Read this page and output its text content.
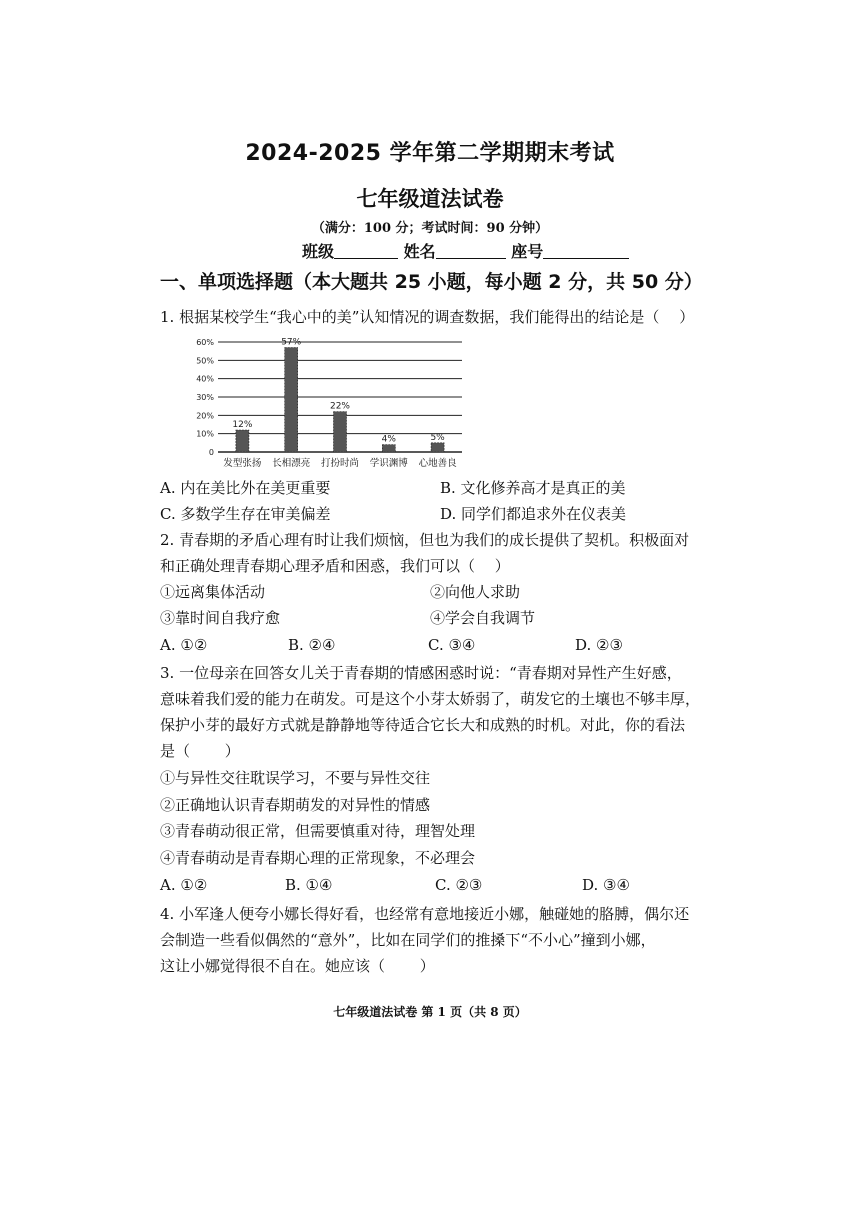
2024-2025 学年第二学期期末考试
七年级道法试卷
（满分：100 分；考试时间：90 分钟）
班级	姓名	座号
一、单项选择题（本大题共 25 小题，每小题 2 分，共 50 分）
1. 根据某校学生“我心中的美”认知情况的调查数据，我们能得出的结论是（　 ）
0
10%
20%
30%
40%
50%
60%
12%
发型张扬
57%
长相漂亮
22%
打扮时尚
4%
学识渊博
5%
心地善良
A. 内在美比外在美更重要	B. 文化修养高才是真正的美
C. 多数学生存在审美偏差	D. 同学们都追求外在仪表美
2. 青春期的矛盾心理有时让我们烦恼，但也为我们的成长提供了契机。积极面对
和正确处理青春期心理矛盾和困惑，我们可以（　 ）
①远离集体活动	②向他人求助
③靠时间自我疗愈	④学会自我调节
A. ①②	B. ②④	C. ③④	D. ②③
3. 一位母亲在回答女儿关于青春期的情感困惑时说：“青春期对异性产生好感，
意味着我们爱的能力在萌发。可是这个小芽太娇弱了，萌发它的土壤也不够丰厚，
保护小芽的最好方式就是静静地等待适合它长大和成熟的时机。对此，你的看法
是（　　 ）
①与异性交往耽误学习，不要与异性交往
②正确地认识青春期萌发的对异性的情感
③青春萌动很正常，但需要慎重对待，理智处理
④青春萌动是青春期心理的正常现象，不必理会
A. ①②	B. ①④	C. ②③	D. ③④
4. 小军逢人便夸小娜长得好看，也经常有意地接近小娜，触碰她的胳膊，偶尔还
会制造一些看似偶然的“意外”，比如在同学们的推搡下“不小心”撞到小娜，
这让小娜觉得很不自在。她应该（　　 ）
七年级道法试卷 第 1 页（共 8 页）
